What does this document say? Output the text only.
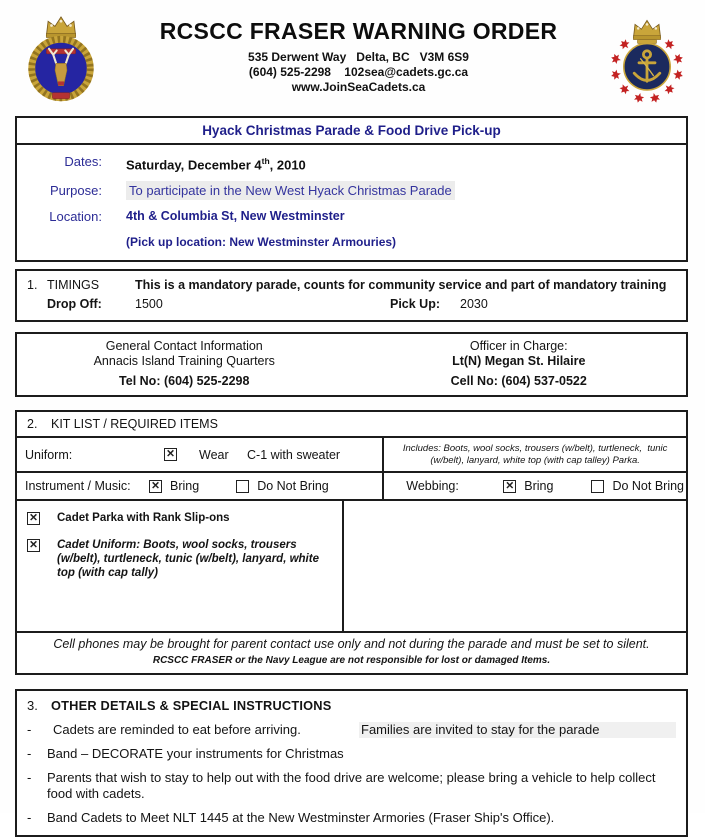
RCSCC FRASER WARNING ORDER
535 Derwent Way   Delta, BC   V3M 6S9
(604) 525-2298    102sea@cadets.gc.ca
www.JoinSeaCadets.ca
Hyack Christmas Parade & Food Drive Pick-up
Dates: Saturday, December 4th, 2010
Purpose: To participate in the New West Hyack Christmas Parade
Location: 4th & Columbia St, New Westminster
(Pick up location: New Westminster Armouries)
1. TIMINGS	This is a mandatory parade, counts for community service and part of mandatory training
Drop Off:	1500	Pick Up:	2030
General Contact Information
Annacis Island Training Quarters
Tel No: (604) 525-2298
Officer in Charge:
Lt(N) Megan St. Hilaire
Cell No: (604) 537-0522
2.	KIT LIST / REQUIRED ITEMS
Uniform: ✕	Wear	C-1 with sweater	Includes: Boots, wool socks, trousers (w/belt), turtleneck,  tunic (w/belt), lanyard, white top (with cap talley) Parka.
Instrument / Music: ✕	Bring	Do Not Bring	Webbing: ✕	Bring	Do Not Bring
✕
Cadet Parka with Rank Slip-ons
✕
Cadet Uniform: Boots, wool socks, trousers (w/belt), turtleneck, tunic (w/belt), lanyard, white top (with cap tally)
Cell phones may be brought for parent contact use only and not during the parade and must be set to silent.
RCSCC FRASER or the Navy League are not responsible for lost or damaged Items.
3.	OTHER DETAILS & SPECIAL INSTRUCTIONS
-	Cadets are reminded to eat before arriving.	Families are invited to stay for the parade
-	Band – DECORATE your instruments for Christmas
-	Parents that wish to stay to help out with the food drive are welcome; please bring a vehicle to help collect food with cadets.
-	Band Cadets to Meet NLT 1445 at the New Westminster Armories (Fraser Ship's Office).
